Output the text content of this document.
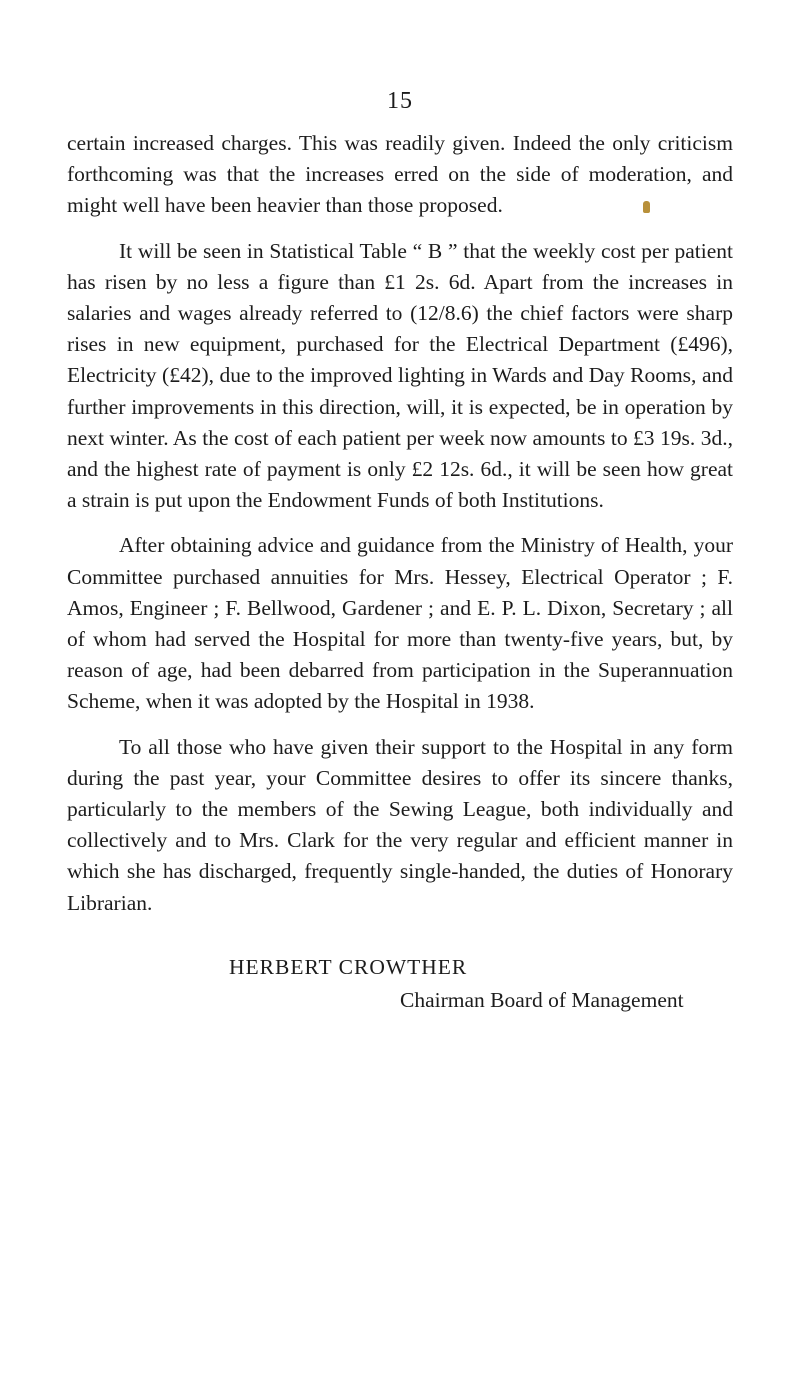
15

certain increased charges. This was readily given. Indeed the only criticism forthcoming was that the increases erred on the side of moderation, and might well have been heavier than those proposed.

It will be seen in Statistical Table “ B ” that the weekly cost per patient has risen by no less a figure than £1 2s. 6d. Apart from the increases in salaries and wages already referred to (12/8.6) the chief factors were sharp rises in new equipment, purchased for the Electrical Department (£496), Electricity (£42), due to the improved lighting in Wards and Day Rooms, and further improvements in this direction, will, it is expected, be in operation by next winter. As the cost of each patient per week now amounts to £3 19s. 3d., and the highest rate of payment is only £2 12s. 6d., it will be seen how great a strain is put upon the Endowment Funds of both Institutions.

After obtaining advice and guidance from the Ministry of Health, your Committee purchased annuities for Mrs. Hessey, Electrical Operator ; F. Amos, Engineer ; F. Bellwood, Gardener ; and E. P. L. Dixon, Secretary ; all of whom had served the Hospital for more than twenty-five years, but, by reason of age, had been debarred from participation in the Superannuation Scheme, when it was adopted by the Hospital in 1938.

To all those who have given their support to the Hospital in any form during the past year, your Committee desires to offer its sincere thanks, particularly to the members of the Sewing League, both individually and collectively and to Mrs. Clark for the very regular and efficient manner in which she has discharged, frequently single-handed, the duties of Honorary Librarian.

HERBERT CROWTHER
Chairman Board of Management
